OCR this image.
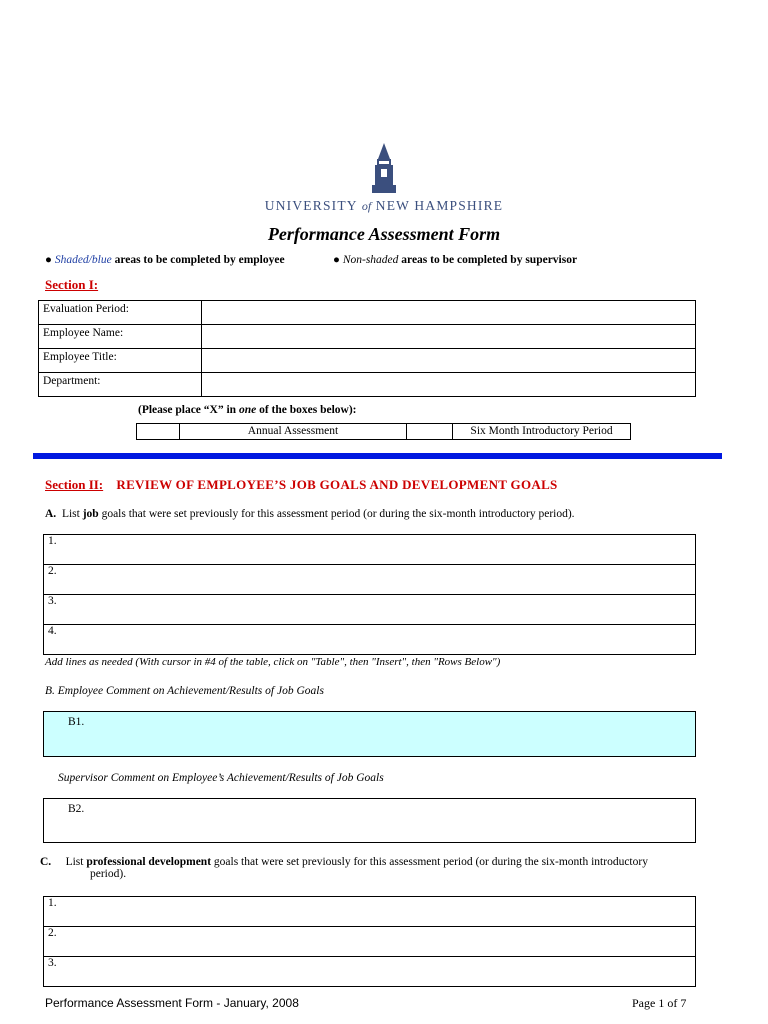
UNIVERSITY of NEW HAMPSHIRE
Performance Assessment Form
● Shaded/blue areas to be completed by employee	● Non-shaded areas to be completed by supervisor
Section I:
Evaluation Period:	
Employee Name:	
Employee Title:	
Department:	
(Please place “X” in one of the boxes below):
	Annual Assessment		Six Month Introductory Period
Section II: REVIEW OF EMPLOYEE’S JOB GOALS AND DEVELOPMENT GOALS
A. List job goals that were set previously for this assessment period (or during the six-month introductory period).
1.
2.
3.
4.
Add lines as needed (With cursor in #4 of the table, click on "Table", then "Insert", then "Rows Below")
B. Employee Comment on Achievement/Results of Job Goals
B1.
Supervisor Comment on Employee’s Achievement/Results of Job Goals
B2.
C. List professional development goals that were set previously for this assessment period (or during the six-month introductory
period).
1.
2.
3.
Performance Assessment Form - January, 2008	Page 1 of 7
